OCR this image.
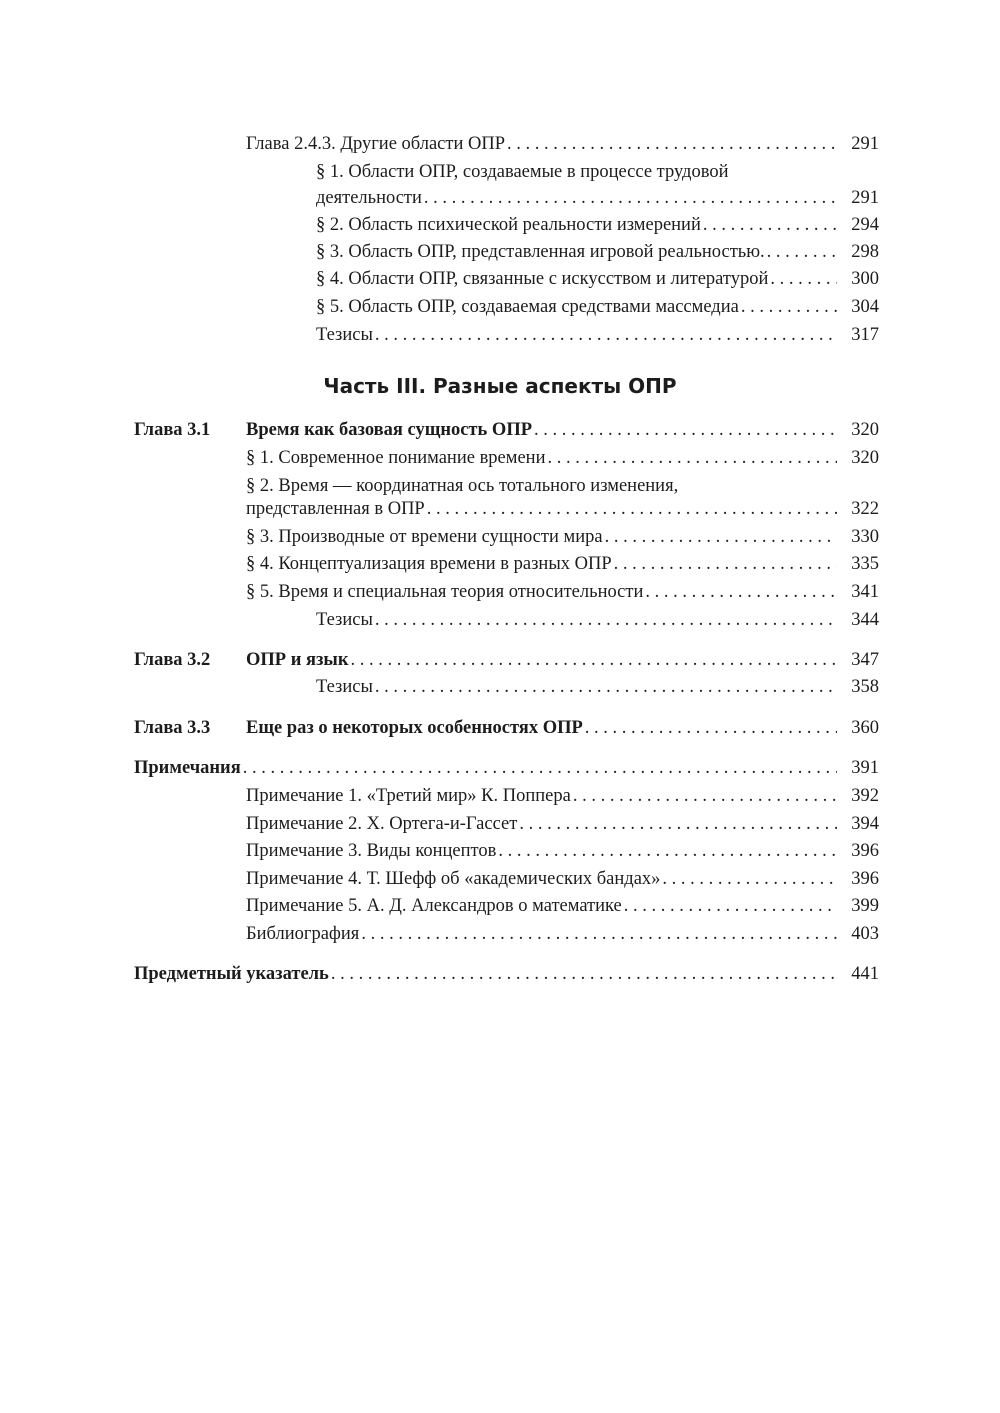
Глава 2.4.3. Другие области ОПР . . .	291
§ 1. Области ОПР, создаваемые в процессе трудовой
деятельности . . .	291
§ 2. Область психической реальности измерений . . .	294
§ 3. Область ОПР, представленная игровой реальностью. . . .	298
§ 4. Области ОПР, связанные с искусством и литературой . . .	300
§ 5. Область ОПР, создаваемая средствами массмедиа . . .	304
Тезисы . . .	317
Часть III. Разные аспекты ОПР
Глава 3.1 Время как базовая сущность ОПР . . .	320
§ 1. Современное понимание времени . . .	320
§ 2. Время — координатная ось тотального изменения,
представленная в ОПР . . .	322
§ 3. Производные от времени сущности мира . . .	330
§ 4. Концептуализация времени в разных ОПР . . .	335
§ 5. Время и специальная теория относительности . . .	341
Тезисы . . .	344
Глава 3.2 ОПР и язык . . .	347
Тезисы . . .	358
Глава 3.3 Еще раз о некоторых особенностях ОПР . . .	360
Примечания . . .	391
Примечание 1. «Третий мир» К. Поппера . . .	392
Примечание 2. Х. Ортега-и-Гассет . . .	394
Примечание 3. Виды концептов . . .	396
Примечание 4. Т. Шефф об «академических бандах» . . .	396
Примечание 5. А. Д. Александров о математике . . .	399
Библиография . . .	403
Предметный указатель . . .	441
